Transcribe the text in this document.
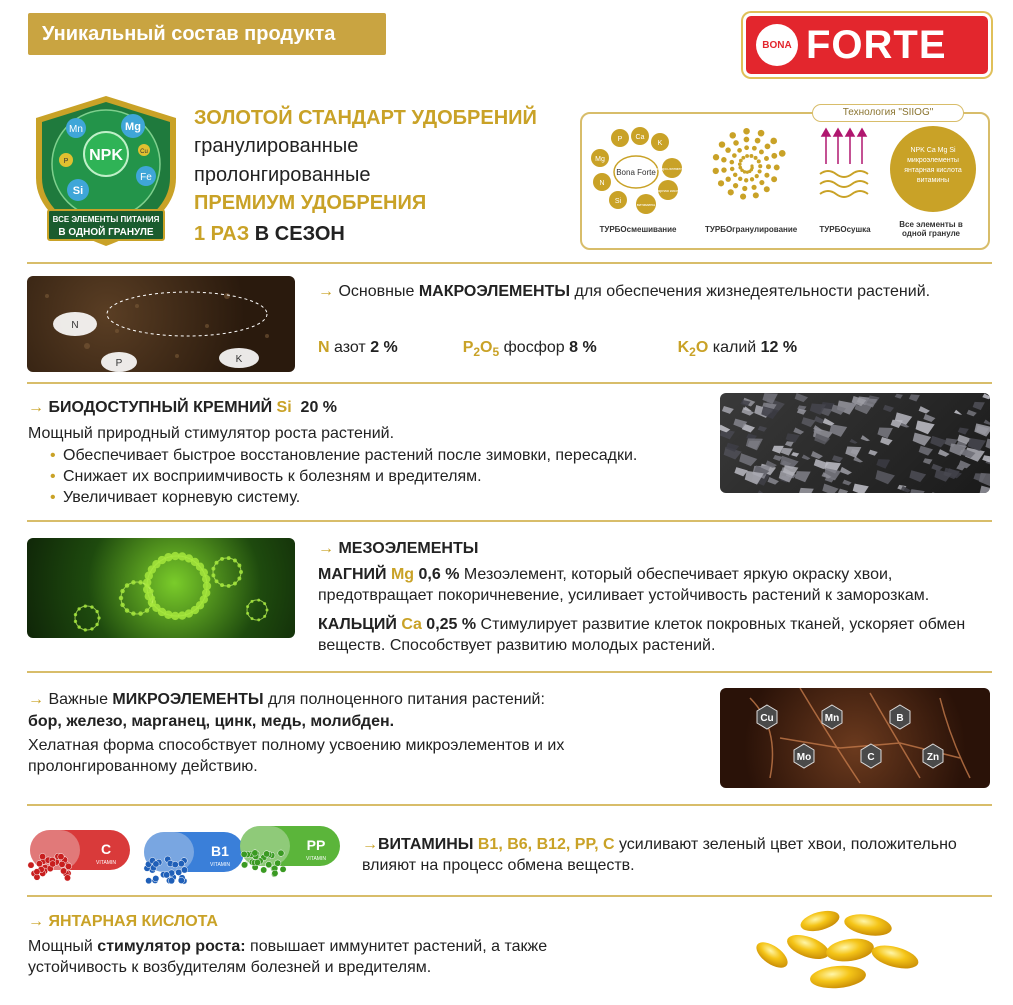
Уникальный состав продукта	BONA FORTE
NPK
Mn	Mg
Fe
Si
P
Cu
ВСЕ ЭЛЕМЕНТЫ ПИТАНИЯ
В ОДНОЙ ГРАНУЛЕ
ЗОЛОТОЙ СТАНДАРТ УДОБРЕНИЙ
гранулированные
пролонгированные
ПРЕМИУМ УДОБРЕНИЯ
1 РАЗ В СЕЗОН
Технология "SIIOG"
Bona Forte
P Ca
K
Mg
N
Si
микро-элементы
янтарная кислота
витамины
NPK Ca Mg Si
микроэлементы
янтарная кислота
витамины
ТУРБОсмешивание	ТУРБОгранулирование	ТУРБОсушка
Все элементы в одной грануле
N
P	K
→ Основные МАКРОЭЛЕМЕНТЫ для обеспечения жизнедеятельности растений.
N азот 2 %	$P_2O_5$ фосфор 8 %	$K_2O$ калий 12 %
→ БИОДОСТУПНЫЙ КРЕМНИЙ Si 20 %
Мощный природный стимулятор роста растений.
• Обеспечивает быстрое восстановление растений после зимовки, пересадки.
• Снижает их восприимчивость к болезням и вредителям.
• Увеличивает корневую систему.
→ МЕЗОЭЛЕМЕНТЫ
МАГНИЙ Mg 0,6 % Мезоэлемент, который обеспечивает яркую окраску хвои, предотвращает покоричневение, усиливает устойчивость растений к заморозкам.
КАЛЬЦИЙ Ca 0,25 % Стимулирует развитие клеток покровных тканей, ускоряет обмен веществ. Способствует развитию молодых растений.
→ Важные МИКРОЭЛЕМЕНТЫ для полноценного питания растений:
бор, железо, марганец, цинк, медь, молибден.
Хелатная форма способствует полному усвоению микроэлементов и их пролонгированному действию.
Cu	Mn	B
Mo	C	Zn
C
VITAMIN
B1
VITAMIN
PP
VITAMIN
→ВИТАМИНЫ B1, B6, B12, PP, C усиливают зеленый цвет хвои, положительно влияют на процесс обмена веществ.
→ ЯНТАРНАЯ КИСЛОТА
Мощный стимулятор роста: повышает иммунитет растений, а также устойчивость к возбудителям болезней и вредителям.
